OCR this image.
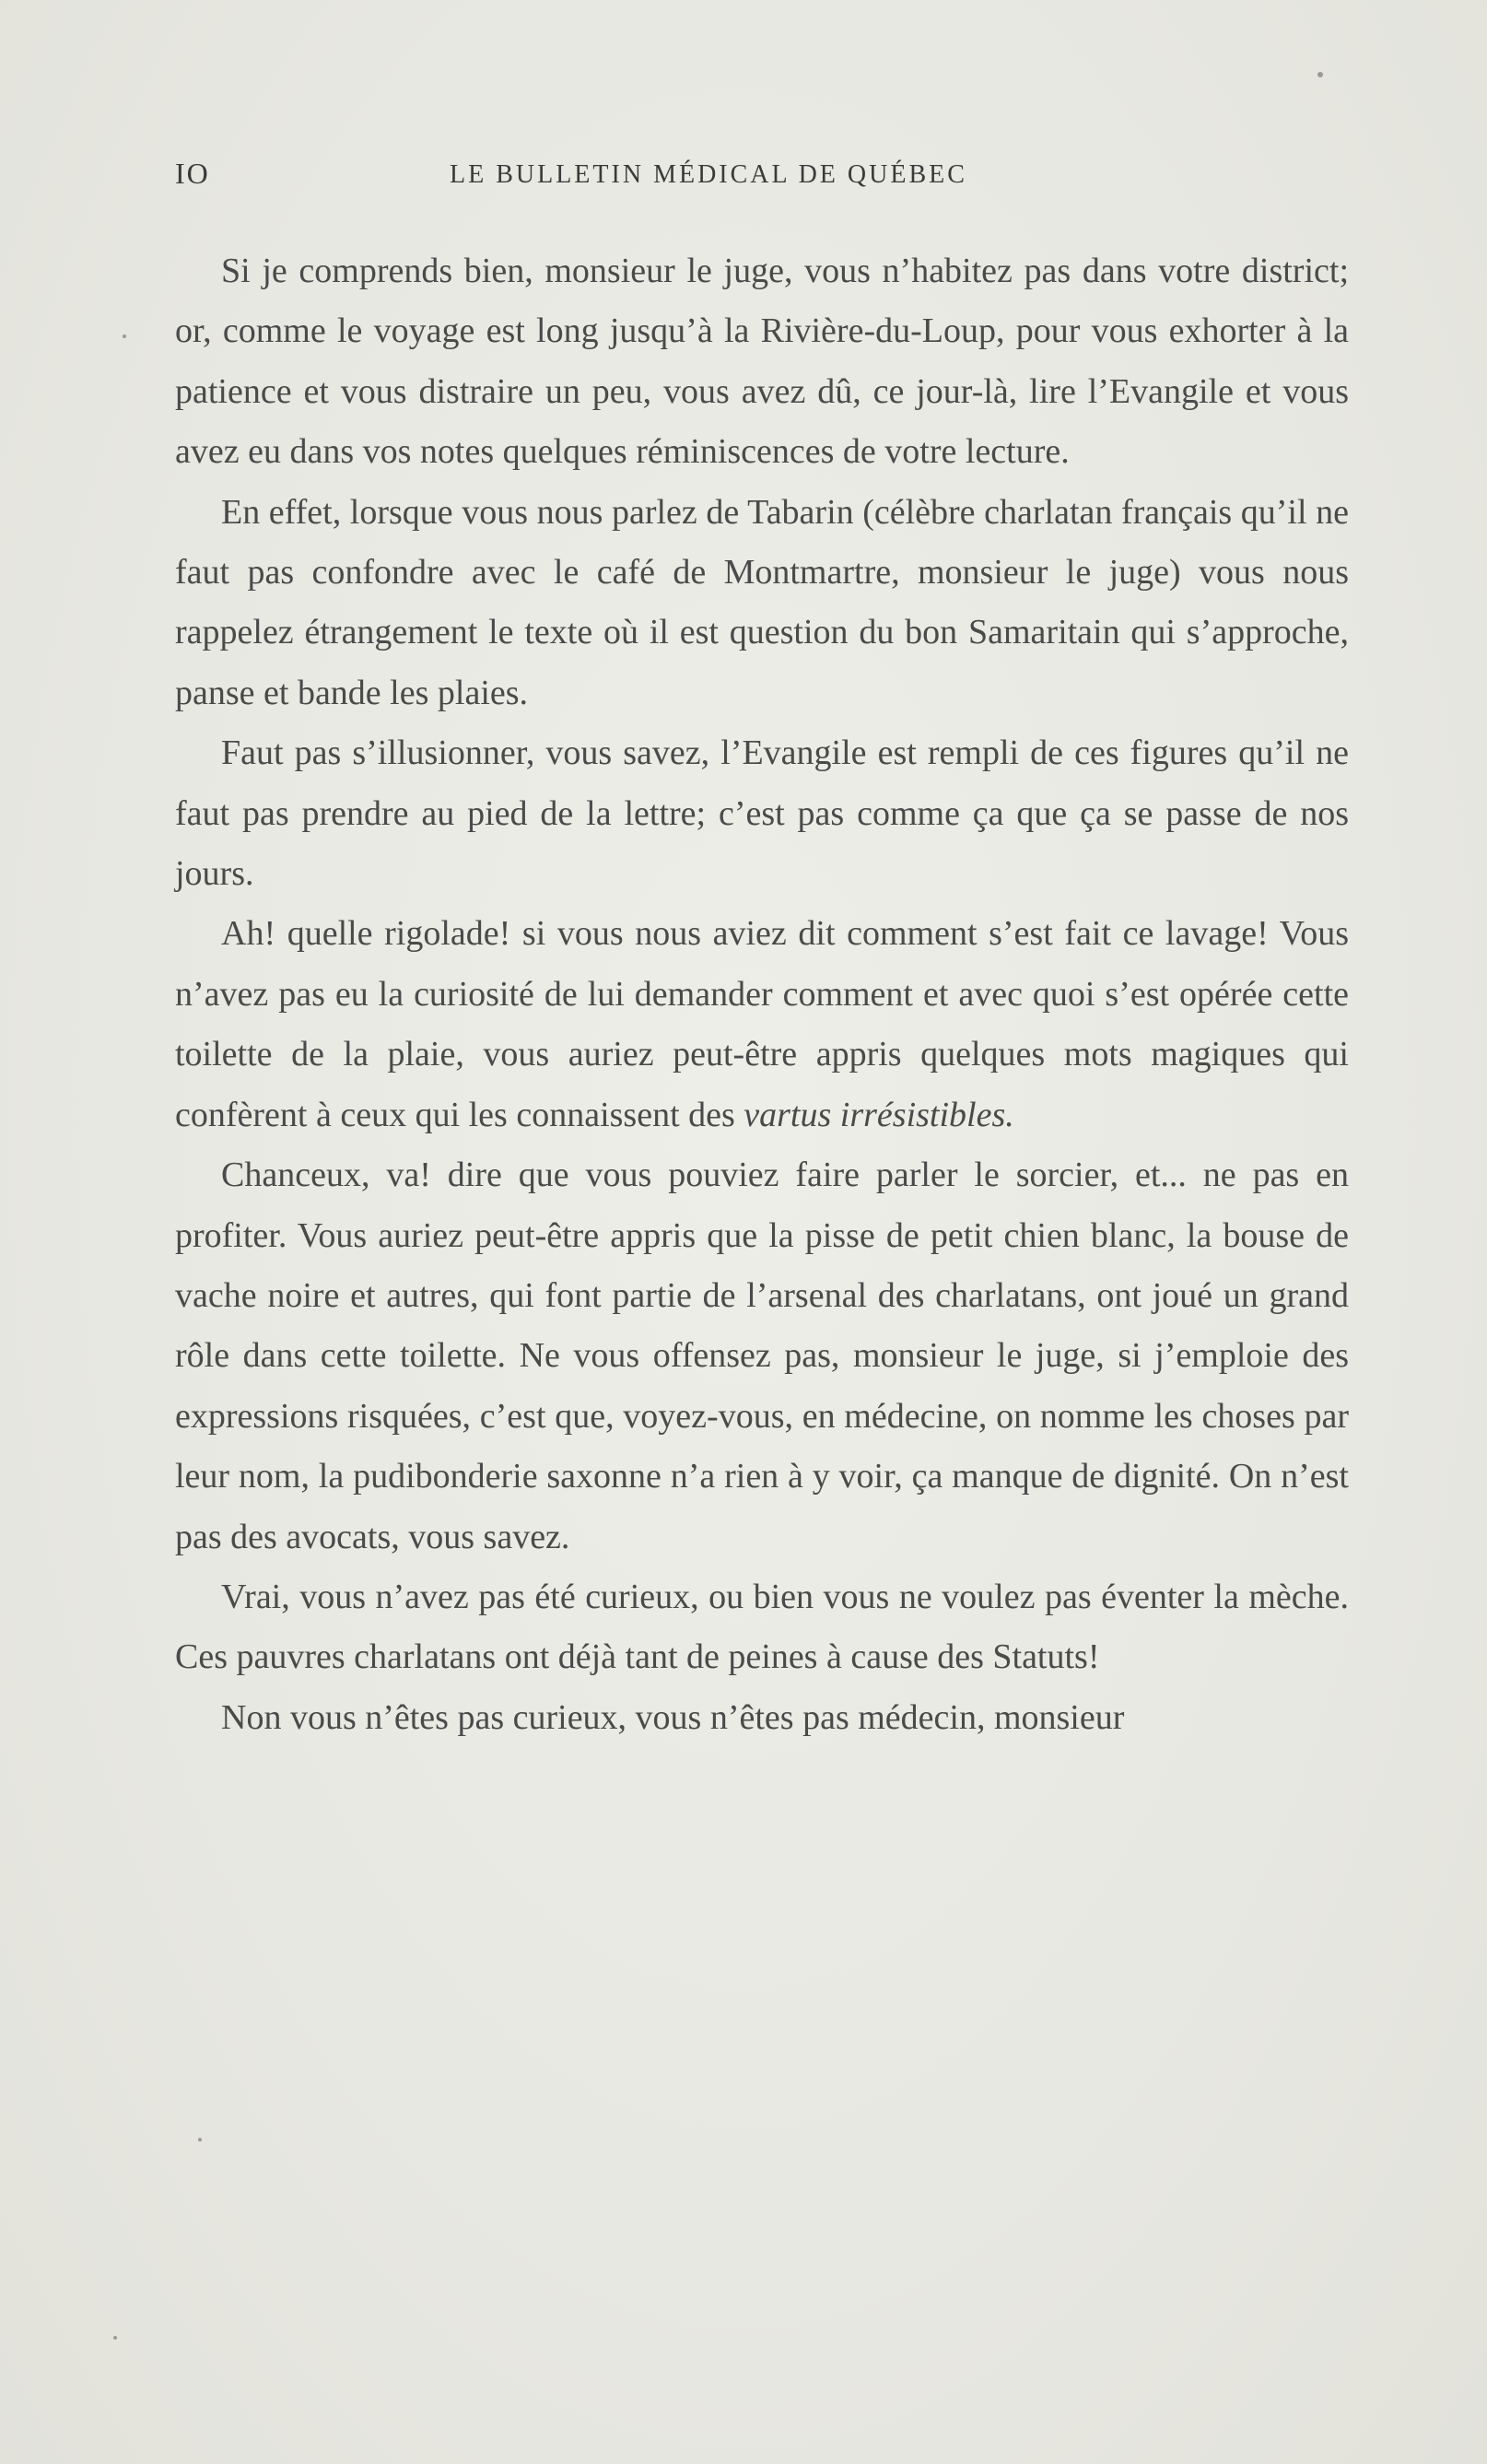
IO	LE BULLETIN MÉDICAL DE QUÉBEC

Si je comprends bien, monsieur le juge, vous n’habitez pas dans votre district; or, comme le voyage est long jusqu’à la Rivière-du-Loup, pour vous exhorter à la patience et vous distraire un peu, vous avez dû, ce jour-là, lire l’Evangile et vous avez eu dans vos notes quelques réminiscences de votre lecture.

En effet, lorsque vous nous parlez de Tabarin (célèbre charlatan français qu’il ne faut pas confondre avec le café de Montmartre, monsieur le juge) vous nous rappelez étrangement le texte où il est question du bon Samaritain qui s’approche, panse et bande les plaies.

Faut pas s’illusionner, vous savez, l’Evangile est rempli de ces figures qu’il ne faut pas prendre au pied de la lettre; c’est pas comme ça que ça se passe de nos jours.

Ah! quelle rigolade! si vous nous aviez dit comment s’est fait ce lavage! Vous n’avez pas eu la curiosité de lui demander comment et avec quoi s’est opérée cette toilette de la plaie, vous auriez peut-être appris quelques mots magiques qui confèrent à ceux qui les connaissent des vartus irrésistibles.

Chanceux, va! dire que vous pouviez faire parler le sorcier, et... ne pas en profiter. Vous auriez peut-être appris que la pisse de petit chien blanc, la bouse de vache noire et autres, qui font partie de l’arsenal des charlatans, ont joué un grand rôle dans cette toilette. Ne vous offensez pas, monsieur le juge, si j’emploie des expressions risquées, c’est que, voyez-vous, en médecine, on nomme les choses par leur nom, la pudibonderie saxonne n’a rien à y voir, ça manque de dignité. On n’est pas des avocats, vous savez.

Vrai, vous n’avez pas été curieux, ou bien vous ne voulez pas éventer la mèche. Ces pauvres charlatans ont déjà tant de peines à cause des Statuts!

Non vous n’êtes pas curieux, vous n’êtes pas médecin, monsieur
